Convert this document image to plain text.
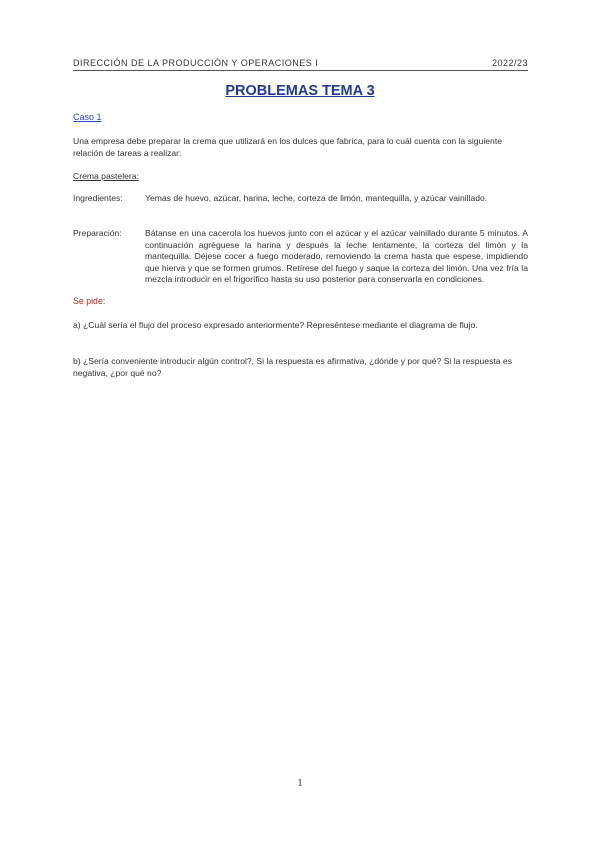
DIRECCIÓN DE LA PRODUCCIÓN Y OPERACIONES I	2022/23
PROBLEMAS TEMA 3
Caso 1
Una empresa debe preparar la crema que utilizará en los dulces que fabrica, para lo cuál cuenta con la siguiente relación de tareas a realizar:
Crema pastelera:
Ingredientes:	Yemas de huevo, azúcar, harina, leche, corteza de limón, mantequilla, y azúcar vainillado.
Preparación:	Bátanse en una cacerola los huevos junto con el azúcar y el azúcar vainillado durante 5 minutos. A continuación agréguese la harina y después la leche lentamente, la corteza del limón y la mantequilla. Déjese cocer a fuego moderado, removiendo la crema hasta que espese, impidiendo que hierva y que se formen grumos. Retírese del fuego y saque la corteza del limón. Una vez fría la mezcla introducir en el frigorífico hasta su uso posterior para conservarla en condiciones.
Se pide:
a) ¿Cuál sería el flujo del proceso expresado anteriormente? Represéntese mediante el diagrama de flujo.
b) ¿Sería conveniente introducir algún control?, Si la respuesta es afirmativa, ¿dónde y por qué? Si la respuesta es negativa, ¿por qué no?
1
